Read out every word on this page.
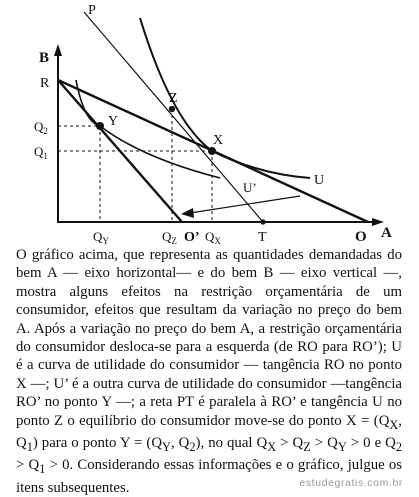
B
A
P
R
Z
Y
X
U
U’
T	O
O’
$Q_2$
$Q_1$
$Q_Y$	$Q_Z$ $Q_X$

O gráfico acima, que representa as quantidades demandadas do bem A — eixo horizontal— e do bem B — eixo vertical —, mostra alguns efeitos na restrição orçamentária de um consumidor, efeitos que resultam da variação no preço do bem A. Após a variação no preço do bem A, a restrição orçamentária do consumidor desloca-se para a esquerda (de RO para RO’); U é a curva de utilidade do consumidor — tangência RO no ponto X —; U’ é a outra curva de utilidade do consumidor —tangência RO’ no ponto Y —; a reta PT é paralela à RO’ e tangência U no ponto Z o equilíbrio do consumidor move-se do ponto $X = (Q_X$, $Q_1$) para o ponto $Y = (Q_Y$, $Q_2$), no qual $Q_X > Q_Z > Q_Y > 0$ e $Q_2 > Q_1 > 0$. Considerando essas informações e o gráfico, julgue os itens subsequentes.	estudegratis.com.br
